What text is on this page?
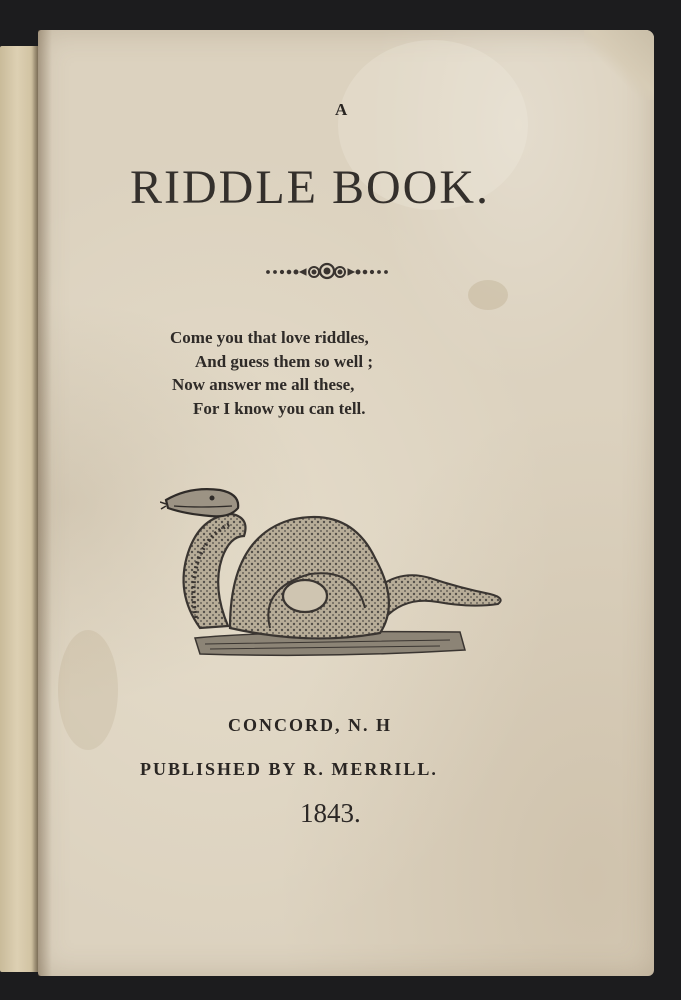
A
RIDDLE BOOK.
Come you that love riddles,
And guess them so well ;
Now answer me all these,
For I know you can tell.
CONCORD, N. H
PUBLISHED BY R. MERRILL.
1843.
